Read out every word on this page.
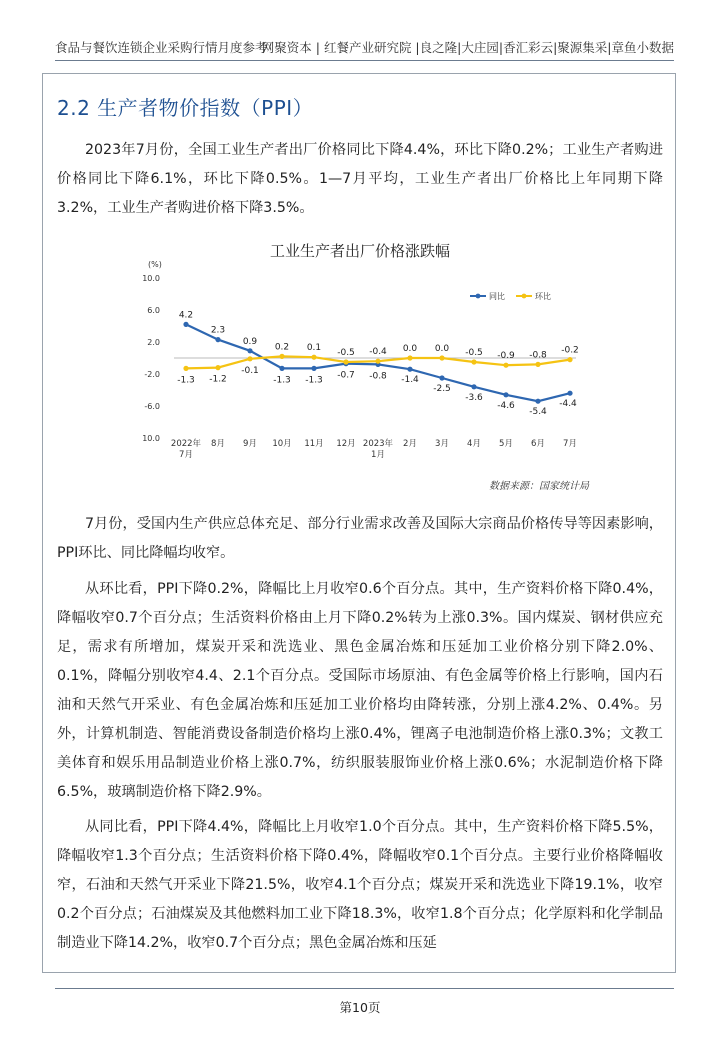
食品与餐饮连锁企业采购行情月度参考
网聚资本 | 红餐产业研究院 |良之隆|大庄园|香汇彩云|聚源集采|章鱼小数据
2.2 生产者物价指数（PPI）

2023年7月份，全国工业生产者出厂价格同比下降4.4%，环比下降0.2%；工业生产者购进价格同比下降6.1%，环比下降0.5%。1—7月平均，工业生产者出厂价格比上年同期下降3.2%，工业生产者购进价格下降3.5%。

工业生产者出厂价格涨跌幅
(%)
10.0
6.0
2.0
-2.0
-6.0
10.0
2022年
7月
8月 9月 10月 11月 12月 2023年
1月
2月 3月 4月 5月 6月 7月
4.2
2.3
0.9
-1.3 -1.3 -0.7 -0.8 -1.4
-2.5
-3.6
-4.6
-5.4
-4.4
-1.3 -1.2
-0.1
0.2 0.1 -0.5 -0.4 0.0 0.0 -0.5 -0.9 -0.8 -0.2
同比	环比
数据来源：国家统计局

7月份，受国内生产供应总体充足、部分行业需求改善及国际大宗商品价格传导等因素影响，PPI环比、同比降幅均收窄。

从环比看，PPI下降0.2%，降幅比上月收窄0.6个百分点。其中，生产资料价格下降0.4%，降幅收窄0.7个百分点；生活资料价格由上月下降0.2%转为上涨0.3%。国内煤炭、钢材供应充足，需求有所增加，煤炭开采和洗选业、黑色金属冶炼和压延加工业价格分别下降2.0%、0.1%，降幅分别收窄4.4、2.1个百分点。受国际市场原油、有色金属等价格上行影响，国内石油和天然气开采业、有色金属冶炼和压延加工业价格均由降转涨，分别上涨4.2%、0.4%。另外，计算机制造、智能消费设备制造价格均上涨0.4%，锂离子电池制造价格上涨0.3%；文教工美体育和娱乐用品制造业价格上涨0.7%，纺织服装服饰业价格上涨0.6%；水泥制造价格下降6.5%，玻璃制造价格下降2.9%。

从同比看，PPI下降4.4%，降幅比上月收窄1.0个百分点。其中，生产资料价格下降5.5%，降幅收窄1.3个百分点；生活资料价格下降0.4%，降幅收窄0.1个百分点。主要行业价格降幅收窄，石油和天然气开采业下降21.5%，收窄4.1个百分点；煤炭开采和洗选业下降19.1%，收窄0.2个百分点；石油煤炭及其他燃料加工业下降18.3%，收窄1.8个百分点；化学原料和化学制品制造业下降14.2%，收窄0.7个百分点；黑色金属冶炼和压延

第10页
